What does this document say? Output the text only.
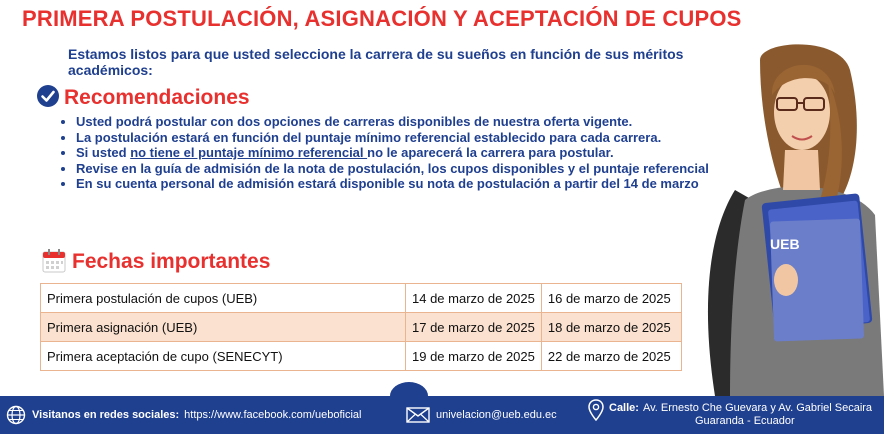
PRIMERA POSTULACIÓN, ASIGNACIÓN Y ACEPTACIÓN DE CUPOS
Estamos listos para que usted seleccione la carrera de su sueños en función de sus méritos académicos:
Recomendaciones
• Usted podrá postular con dos opciones de carreras disponibles de nuestra oferta vigente.
• La postulación estará en función del puntaje mínimo referencial establecido para cada carrera.
• Si usted no tiene el puntaje mínimo referencial no le aparecerá la carrera para postular.
• Revise en la guía de admisión de la nota de postulación, los cupos disponibles y el puntaje referencial
• En su cuenta personal de admisión estará disponible su nota de postulación a partir del 14 de marzo
Fechas importantes
Primera postulación de cupos (UEB)	14 de marzo de 2025	16 de marzo de 2025
Primera asignación (UEB)	17 de marzo de 2025	18 de marzo de 2025
Primera aceptación de cupo (SENECYT)	19 de marzo de 2025	22 de marzo de 2025
UEB
Visitanos en redes sociales: https://www.facebook.com/ueboficial	univelacion@ueb.edu.ec
Calle: Av. Ernesto Che Guevara y Av. Gabriel Secaira
Guaranda - Ecuador
